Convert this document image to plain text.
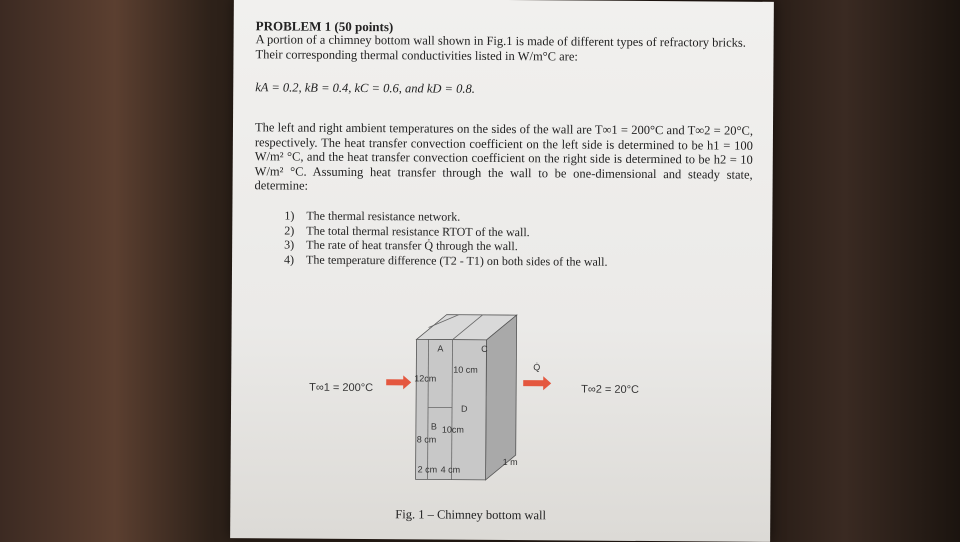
PROBLEM 1 (50 points)
A portion of a chimney bottom wall shown in Fig.1 is made of different types of refractory bricks. Their corresponding thermal conductivities listed in W/m°C are:
kA = 0.2, kB = 0.4, kC = 0.6, and kD = 0.8.
The left and right ambient temperatures on the sides of the wall are T∞1 = 200°C and T∞2 = 20°C, respectively. The heat transfer convection coefficient on the left side is determined to be h1 = 100 W/m² °C, and the heat transfer convection coefficient on the right side is determined to be h2 = 10 W/m² °C. Assuming heat transfer through the wall to be one-dimensional and steady state, determine:
1) The thermal resistance network.
2) The total thermal resistance RTOT of the wall.
3) The rate of heat transfer Q̇ through the wall.
4) The temperature difference (T2 - T1) on both sides of the wall.
A	C
B
D
10 cm
12cm
10cm
8 cm
2 cm 4 cm
1 m
Q̇
T∞1 = 200°C	T∞2 = 20°C
Fig. 1 – Chimney bottom wall
